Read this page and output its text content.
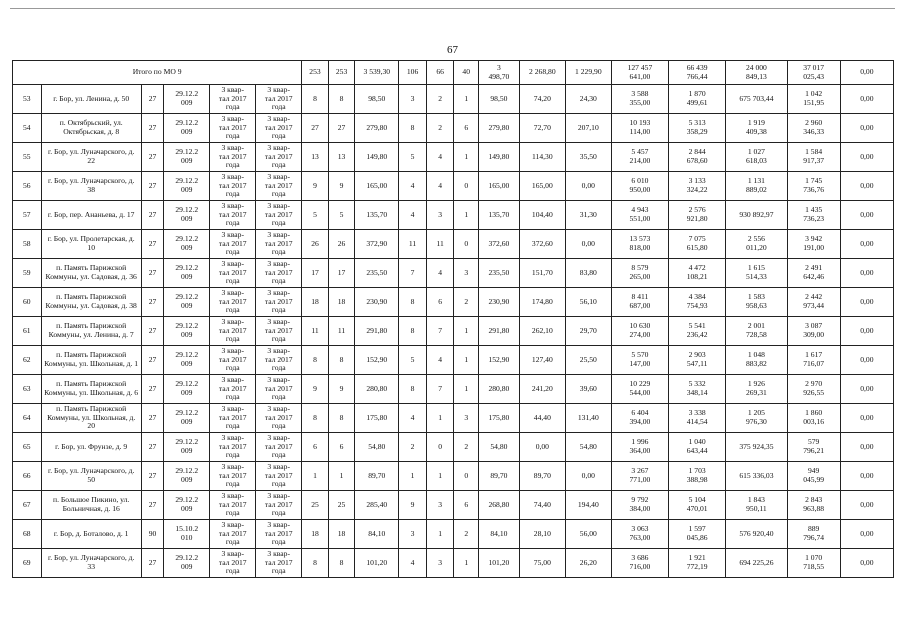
67
Итого по МО 9						253	253	3 539,30	106	66	40	3
498,70	2 268,80	1 229,90	127 457
641,00	66 439
766,44	24 000
849,13	37 017
025,43	0,00
53	г. Бор, ул. Ленина, д. 50	27	29.12.2
009	3 квар-
тал 2017
года	3 квар-
тал 2017
года	8	8	98,50	3	2	1	98,50	74,20	24,30	3 588
355,00	1 870
499,61	675 703,44	1 042
151,95	0,00
54	п. Октябрьский, ул. Октябрьская, д. 8	27	29.12.2
009	3 квар-
тал 2017
года	3 квар-
тал 2017
года	27	27	279,80	8	2	6	279,80	72,70	207,10	10 193
114,00	5 313
358,29	1 919
409,38	2 960
346,33	0,00
55	г. Бор, ул. Луначарского, д. 22	27	29.12.2
009	3 квар-
тал 2017
года	3 квар-
тал 2017
года	13	13	149,80	5	4	1	149,80	114,30	35,50	5 457
214,00	2 844
678,60	1 027
618,03	1 584
917,37	0,00
56	г. Бор, ул. Луначарского, д. 38	27	29.12.2
009	3 квар-
тал 2017
года	3 квар-
тал 2017
года	9	9	165,00	4	4	0	165,00	165,00	0,00	6 010
950,00	3 133
324,22	1 131
889,02	1 745
736,76	0,00
57	г. Бор, пер. Ананьева, д. 17	27	29.12.2
009	3 квар-
тал 2017
года	3 квар-
тал 2017
года	5	5	135,70	4	3	1	135,70	104,40	31,30	4 943
551,00	2 576
921,80	930 892,97	1 435
736,23	0,00
58	г. Бор, ул. Пролетарская, д. 10	27	29.12.2
009	3 квар-
тал 2017
года	3 квар-
тал 2017
года	26	26	372,90	11	11	0	372,60	372,60	0,00	13 573
818,00	7 075
615,80	2 556
011,20	3 942
191,00	0,00
59	п. Память Парижской Коммуны, ул. Садовая, д. 36	27	29.12.2
009	3 квар-
тал 2017
года	3 квар-
тал 2017
года	17	17	235,50	7	4	3	235,50	151,70	83,80	8 579
265,00	4 472
108,21	1 615
514,33	2 491
642,46	0,00
60	п. Память Парижской Коммуны, ул. Садовая, д. 38	27	29.12.2
009	3 квар-
тал 2017
года	3 квар-
тал 2017
года	18	18	230,90	8	6	2	230,90	174,80	56,10	8 411
687,00	4 384
754,93	1 583
958,63	2 442
973,44	0,00
61	п. Память Парижской Коммуны, ул. Ленина, д. 7	27	29.12.2
009	3 квар-
тал 2017
года	3 квар-
тал 2017
года	11	11	291,80	8	7	1	291,80	262,10	29,70	10 630
274,00	5 541
236,42	2 001
728,58	3 087
309,00	0,00
62	п. Память Парижской Коммуны, ул. Школьная, д. 1	27	29.12.2
009	3 квар-
тал 2017
года	3 квар-
тал 2017
года	8	8	152,90	5	4	1	152,90	127,40	25,50	5 570
147,00	2 903
547,11	1 048
883,82	1 617
716,07	0,00
63	п. Память Парижской Коммуны, ул. Школьная, д. 6	27	29.12.2
009	3 квар-
тал 2017
года	3 квар-
тал 2017
года	9	9	280,80	8	7	1	280,80	241,20	39,60	10 229
544,00	5 332
348,14	1 926
269,31	2 970
926,55	0,00
64	п. Память Парижской Коммуны, ул. Школьная, д. 20	27	29.12.2
009	3 квар-
тал 2017
года	3 квар-
тал 2017
года	8	8	175,80	4	1	3	175,80	44,40	131,40	6 404
394,00	3 338
414,54	1 205
976,30	1 860
003,16	0,00
65	г. Бор, ул. Фрунзе, д. 9	27	29.12.2
009	3 квар-
тал 2017
года	3 квар-
тал 2017
года	6	6	54,80	2	0	2	54,80	0,00	54,80	1 996
364,00	1 040
643,44	375 924,35	579
796,21	0,00
66	г. Бор, ул. Луначарского, д. 50	27	29.12.2
009	3 квар-
тал 2017
года	3 квар-
тал 2017
года	1	1	89,70	1	1	0	89,70	89,70	0,00	3 267
771,00	1 703
388,98	615 336,03	949
045,99	0,00
67	п. Большое Пикино, ул. Больничная, д. 16	27	29.12.2
009	3 квар-
тал 2017
года	3 квар-
тал 2017
года	25	25	285,40	9	3	6	268,80	74,40	194,40	9 792
384,00	5 104
470,01	1 843
950,11	2 843
963,88	0,00
68	г. Бор, д. Боталово, д. 1	90	15.10.2
010	3 квар-
тал 2017
года	3 квар-
тал 2017
года	18	18	84,10	3	1	2	84,10	28,10	56,00	3 063
763,00	1 597
045,86	576 920,40	889
796,74	0,00
69	г. Бор, ул. Луначарского, д. 33	27	29.12.2
009	3 квар-
тал 2017
года	3 квар-
тал 2017
года	8	8	101,20	4	3	1	101,20	75,00	26,20	3 686
716,00	1 921
772,19	694 225,26	1 070
718,55	0,00
